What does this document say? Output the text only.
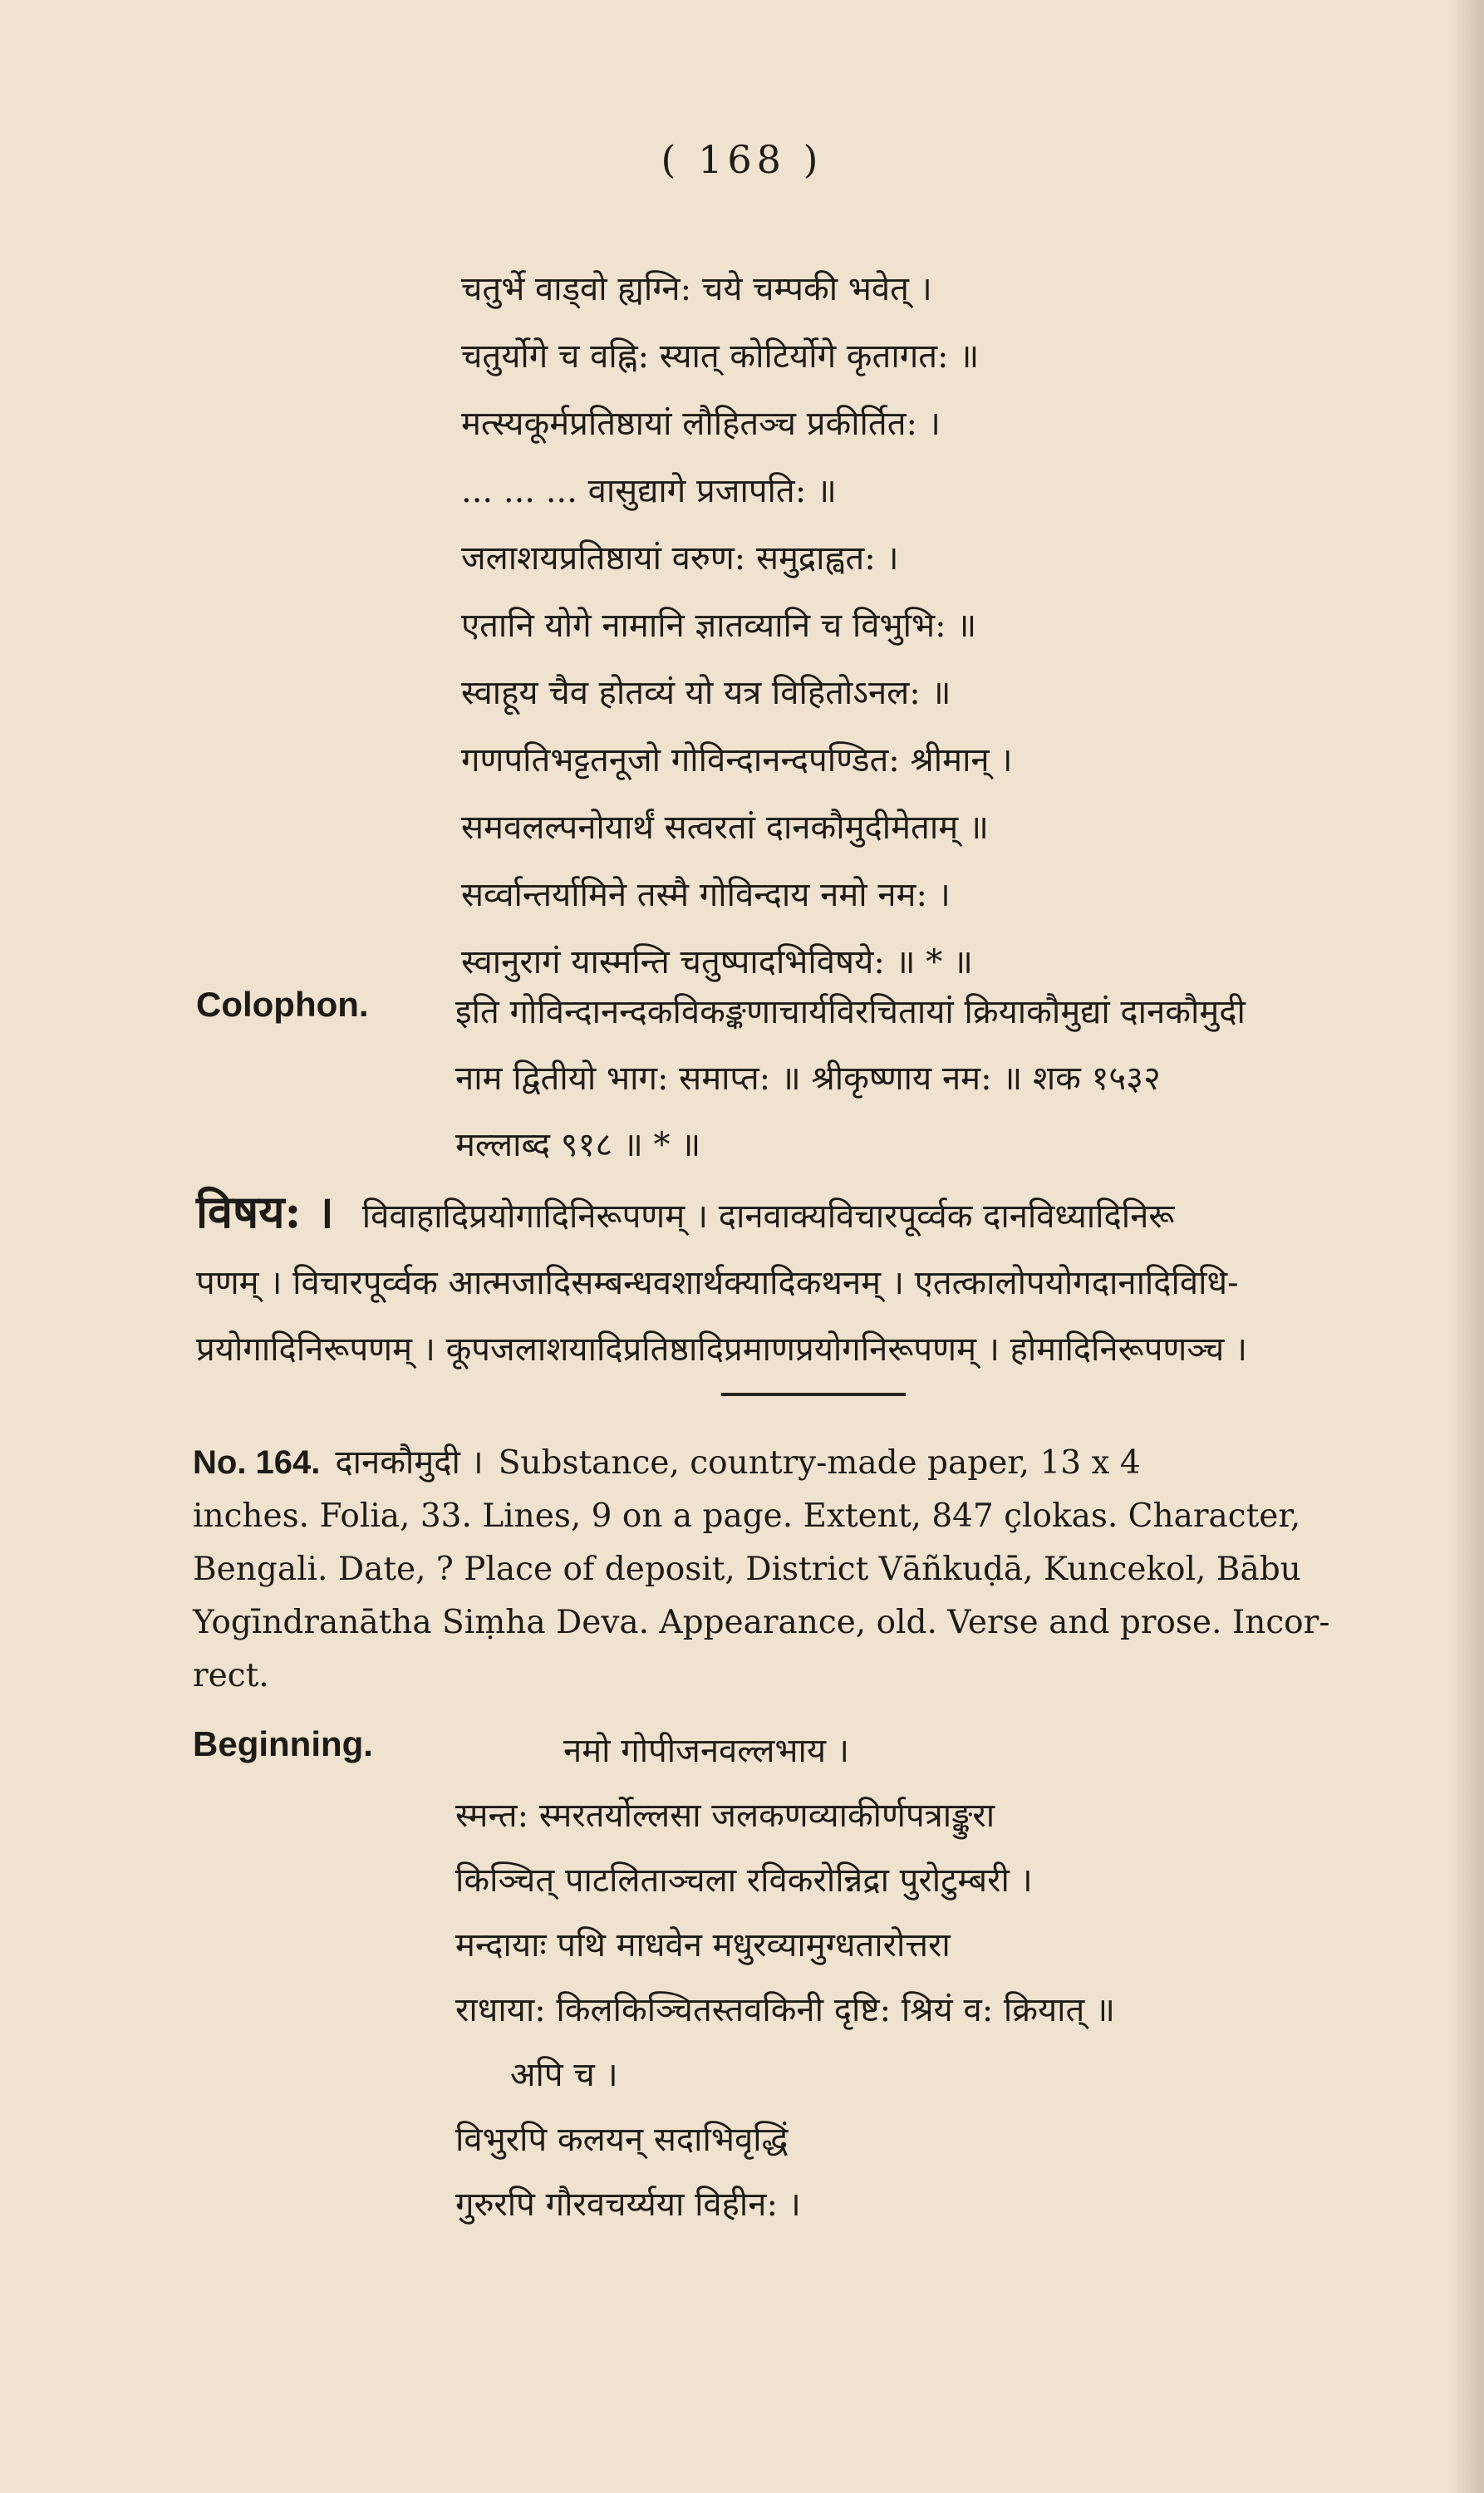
( 168 )
चतुर्भे वाड्वो ह्यग्नि: चये चम्पकी भवेत् ।
चतुर्योगे च वह्नि: स्यात् कोटिर्योगे कृतागत: ॥
मत्स्यकूर्मप्रतिष्ठायां लौहितञ्च प्रकीर्तित: ।
... ... ... वासुद्यागे प्रजापति: ॥
जलाशयप्रतिष्ठायां वरुण: समुद्राह्वत: ।
एतानि योगे नामानि ज्ञातव्यानि च विभुभि: ॥
स्वाहूय चैव होतव्यं यो यत्र विहितोऽनल: ॥
गणपतिभट्टतनूजो गोविन्दानन्दपण्डित: श्रीमान् ।
समवलल्पनोयार्थं सत्वरतां दानकौमुदीमेताम् ॥
सर्व्वान्तर्यामिने तस्मै गोविन्दाय नमो नम: ।
स्वानुरागं यास्मन्ति चतुष्पादभिविषये: ॥ * ॥
Colophon.	इति गोविन्दानन्दकविकङ्कणाचार्यविरचितायां क्रियाकौमुद्यां दानकौमुदी
नाम द्वितीयो भाग: समाप्त: ॥ श्रीकृष्णाय नम: ॥ शक १५३२
मल्लाब्द ९१८ ॥ * ॥
विषय: । विवाहादिप्रयोगादिनिरूपणम् । दानवाक्यविचारपूर्व्वक दानविध्यादिनिरू
पणम् । विचारपूर्व्वक आत्मजादिसम्बन्धवशार्थक्यादिकथनम् । एतत्कालोपयोगदानादिविधि-
प्रयोगादिनिरूपणम् । कूपजलाशयादिप्रतिष्ठादिप्रमाणप्रयोगनिरूपणम् । होमादिनिरूपणञ्च ।
No. 164. दानकौमुदी । Substance, country-made paper, 13 x 4
inches. Folia, 33. Lines, 9 on a page. Extent, 847 çlokas. Character,
Bengali. Date, ? Place of deposit, District Vāñkuḍā, Kuncekol, Bābu
Yogīndranātha Siṃha Deva. Appearance, old. Verse and prose. Incor-
rect.
Beginning.	नमो गोपीजनवल्लभाय ।
स्मन्त: स्मरतर्योल्लसा जलकणव्याकीर्णपत्राङ्कुरा
किञ्चित् पाटलिताञ्चला रविकरोन्निद्रा पुरोटुम्बरी ।
मन्दायाः पथि माधवेन मधुरव्यामुग्धतारोत्तरा
राधाया: किलकिञ्चितस्तवकिनी दृष्टि: श्रियं व: क्रियात् ॥
अपि च ।
विभुरपि कलयन् सदाभिवृद्धिं
गुरुरपि गौरवचर्य्यया विहीन: ।
